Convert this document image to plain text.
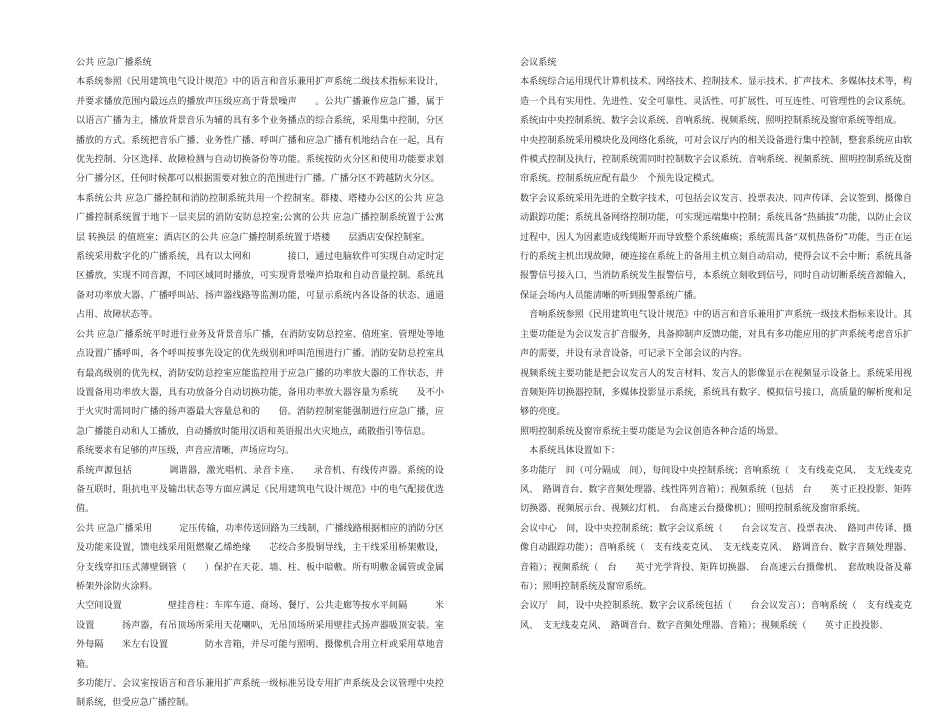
公共 应急广播系统

本系统参照《民用建筑电气设计规范》中的语言和音乐兼用扩声系统二级技术指标来设计，并要求播放范围内最远点的播放声压级应高于背景噪声　　。公共广播兼作应急广播，属于以语言广播为主，播放背景音乐为辅的具有多个业务播点的综合系统，采用集中控制，分区播放的方式。系统把音乐广播、业务性广播、呼叫广播和应急广播有机地结合在一起，具有优先控制、分区选择、故障检测与自动切换备份等功能。系统按防火分区和使用功能要求划分广播分区，任何时候都可以根据需要对独立的范围进行广播。广播分区不跨越防火分区。

本系统公共 应急广播控制和消防控制系统共用一个控制室。群楼、塔楼办公区的公共 应急广播控制系统置于地下一层夹层的消防安防总控室;公寓的公共 应急广播控制系统置于公寓层 转换层 的值班室；酒店区的公共 应急广播控制系统置于塔楼　　层酒店安保控制室。

系统采用数字化的广播系统，具有以太网和　　　　接口，通过电脑软件可实现自动定时定区播放，实现不同音源，不同区域同时播放，可实现背景噪声拾取和自动音量控制。系统具备对功率放大器、广播呼叫站、扬声器线路等监测功能，可显示系统内各设备的状态、通道占用、故障状态等。

公共 应急广播系统平时进行业务及背景音乐广播，在消防安防总控室、值班室、管理处等地点设置广播呼叫，各个呼叫按事先设定的优先级别和呼叫范围进行广播。消防安防总控室具有最高级别的优先权，消防安防总控室应能监控用于应急广播的功率放大器的工作状态，并设置备用功率放大器，具有功放备分自动切换功能，备用功率放大器容量为系统　　及不小于火灾时需同时广播的扬声器最大容量总和的　　倍。消防控制室能强制进行应急广播，应急广播能自动和人工播放，自动播放时能用汉语和英语报出火灾地点，疏散指引等信息。

系统要求有足够的声压级，声音应清晰，声场应均匀。

系统声源包括　　　　调谐器，激光唱机、录音卡座、　　录音机、有线传声器。系统的设备互联时，阻抗电平及输出状态等方面应满足《民用建筑电气设计规范》中的电气配接优选值。

公共 应急广播采用　　　定压传输，功率传送回路为三线制，广播线路根据相应的消防分区及功能来设置，馈电线采用阻燃聚乙烯绝缘　　芯绞合多股铜导线，主干线采用桥架敷设，分支线穿扣压式薄壁钢管（　　）保护在天花、墙、柱、板中暗敷。所有明敷金属管或金属桥架外涂防火涂料。

大空间设置　　　　　壁挂音柱：车库车道、商场、餐厅、公共走廊等按水平间隔　　　米设置　　　扬声器，有吊顶场所采用天花喇叭，无吊顶场所采用壁挂式扬声器吸顶安装。室外每隔　　米左右设置　　　　防水音箱，并尽可能与照明、摄像机合用立杆或采用草地音箱。

多功能厅、会议室按语言和音乐兼用扩声系统一级标准另设专用扩声系统及会议管理中央控制系统，但受应急广播控制。

会议系统

本系统综合运用现代计算机技术、网络技术、控制技术、显示技术、扩声技术、多媒体技术等，构造一个具有实用性、先进性、安全可靠性、灵活性、可扩展性、可互连性、可管理性的会议系统。

系统由中央控制系统、数字会议系统、音响系统、视频系统、照明控制系统及窗帘系统等组成。

中央控制系统采用模块化及网络化系统，可对会议厅内的相关设备进行集中控制，整套系统应由软件模式控制及执行，控制系统需同时控制数字会议系统、音响系统、视频系统、照明控制系统及窗帘系统。控制系统应配有最少　个预先设定模式。

数字会议系统采用先进的全数字技术，可包括会议发言、投票表决、同声传译、会议签到、摄像自动跟踪功能；系统具备网络控制功能，可实现远端集中控制；系统具备“热插拔”功能，以防止会议过程中，因人为因素造成线缆断开而导致整个系统瘫痪；系统需具备“双机热备份”功能，当正在运行的系统主机出现故障，硬连接在系统上的备用主机立刻自动启动，使得会议不会中断；系统具备报警信号接入口，当消防系统发生报警信号，本系统立刻收到信号，同时自动切断系统音源输入，保证会场内人员能清晰的听到报警系统广播。

　音响系统参照《民用建筑电气设计规范》中的语言和音乐兼用扩声系统一级技术指标来设计。其主要功能是为会议发言扩音服务，具备抑制声反馈功能，对具有多功能应用的扩声系统考虑音乐扩声的需要，并设有录音设备，可记录下全部会议的内容。

视频系统主要功能是把会议发言人的发言材料、发言人的影像显示在视频显示设备上。系统采用视音频矩阵切换器控制，多媒体投影显示系统，系统具有数字、模拟信号接口，高质量的解析度和足够的亮度。

照明控制系统及窗帘系统主要功能是为会议创造各种合适的场景。

　本系统具体设置如下：

多功能厅　间（可分隔成　间），每间设中央控制系统；音响系统（　支有线麦克风、　支无线麦克风、　路调音台、数字音频处理器、线性阵列音箱）；视频系统（包括　台　　英寸正投投影、矩阵切换器、视频展示台、视频幻灯机、　台高速云台摄像机）；照明控制系统及窗帘系统。

会议中心　间，设中央控制系统；数字会议系统（　　台会议发言、投票表决、　路同声传译、摄像自动跟踪功能）；音响系统（　支有线麦克风、　支无线麦克风、　路调音台、数字音频处理器、音箱）；视频系统（　台　　英寸光学背投、矩阵切换器、　台高速云台摄像机、　套故映设备及幕布）；照明控制系统及窗帘系统。

会议厅　间，设中央控制系统、数字会议系统包括（　　台会议发言）；音响系统（　支有线麦克风、　支无线麦克风、　路调音台、数字音频处理器、音箱）；视频系统（　　英寸正投投影、
